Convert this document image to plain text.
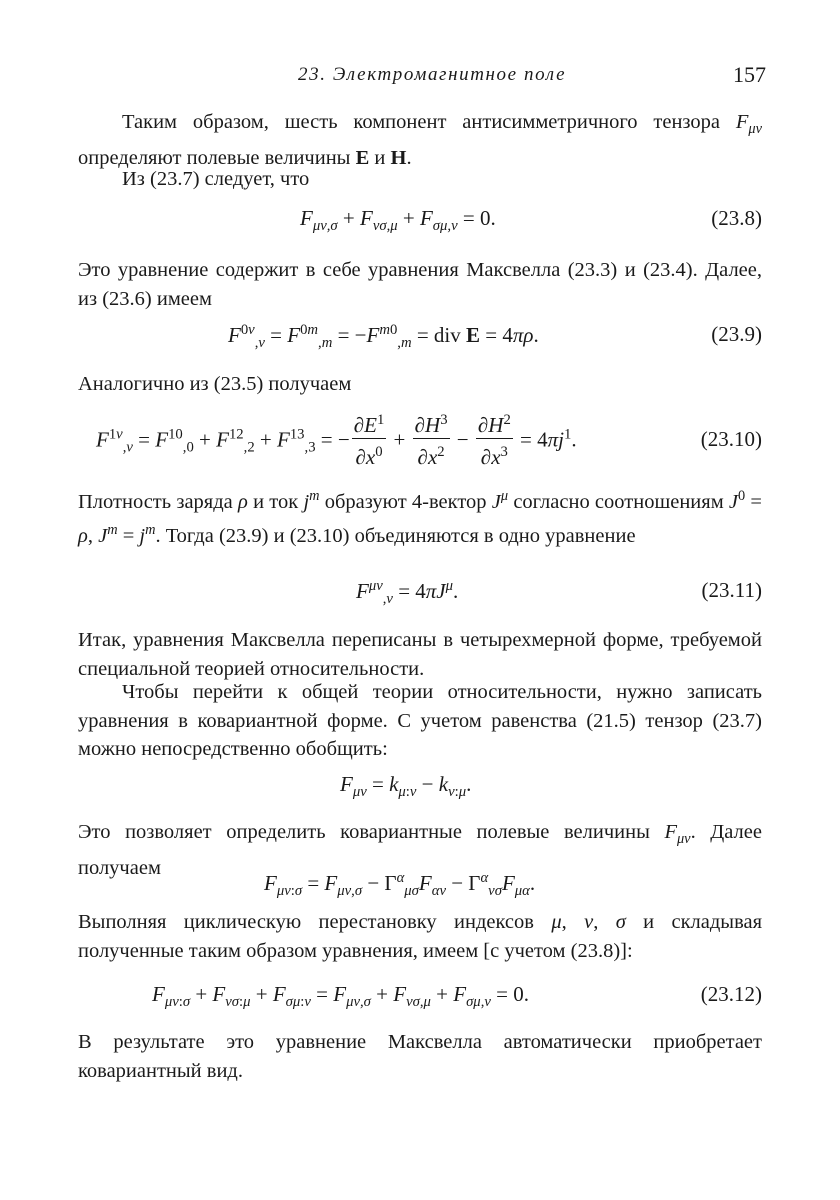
23. Электромагнитное поле	157
Таким образом, шесть компонент антисимметричного тензора $F_{\mu\nu}$ определяют полевые величины E и H.
Из (23.7) следует, что
$F_{\mu\nu,\sigma} + F_{\nu\sigma,\mu} + F_{\sigma\mu,\nu} = 0$.	(23.8)
Это уравнение содержит в себе уравнения Максвелла (23.3) и (23.4). Далее, из (23.6) имеем
$F^{0\nu}_{,\nu} = F^{0m}_{,m} = -F^{m0}_{,m}$ = div E = 4πρ.	(23.9)
Аналогично из (23.5) получаем
$F^{1\nu}_{,\nu} = F^{10}_{,0} + F^{12}_{,2} + F^{13}_{,3}$ = − $\frac{\partial E^1}{\partial x^0} + \frac{\partial H^3}{\partial x^2} - \frac{\partial H^2}{\partial x^3} = 4\pi j^1$.	(23.10)
Плотность заряда ρ и ток $j^m$ образуют 4-вектор $J^\mu$ согласно соотношениям $J^0 = \rho$, $J^m = j^m$. Тогда (23.9) и (23.10) объединяются в одно уравнение
$F^{\mu\nu}_{,\nu} = 4\pi J^\mu$.	(23.11)
Итак, уравнения Максвелла переписаны в четырехмерной форме, требуемой специальной теорией относительности.
Чтобы перейти к общей теории относительности, нужно записать уравнения в ковариантной форме. С учетом равенства (21.5) тензор (23.7) можно непосредственно обобщить:
$F_{\mu\nu} = k_{\mu:\nu} - k_{\nu:\mu}$.
Это позволяет определить ковариантные полевые величины $F_{\mu\nu}$. Далее получаем
$F_{\mu\nu:\sigma} = F_{\mu\nu,\sigma} - \Gamma^\alpha_{\mu\sigma}F_{\alpha\nu} - \Gamma^\alpha_{\nu\sigma}F_{\mu\alpha}$.
Выполняя циклическую перестановку индексов μ, ν, σ и складывая полученные таким образом уравнения, имеем [с учетом (23.8)]:
$F_{\mu\nu:\sigma} + F_{\nu\sigma:\mu} + F_{\sigma\mu:\nu} = F_{\mu\nu,\sigma} + F_{\nu\sigma,\mu} + F_{\sigma\mu,\nu} = 0$.	(23.12)
В результате это уравнение Максвелла автоматически приобретает ковариантный вид.
